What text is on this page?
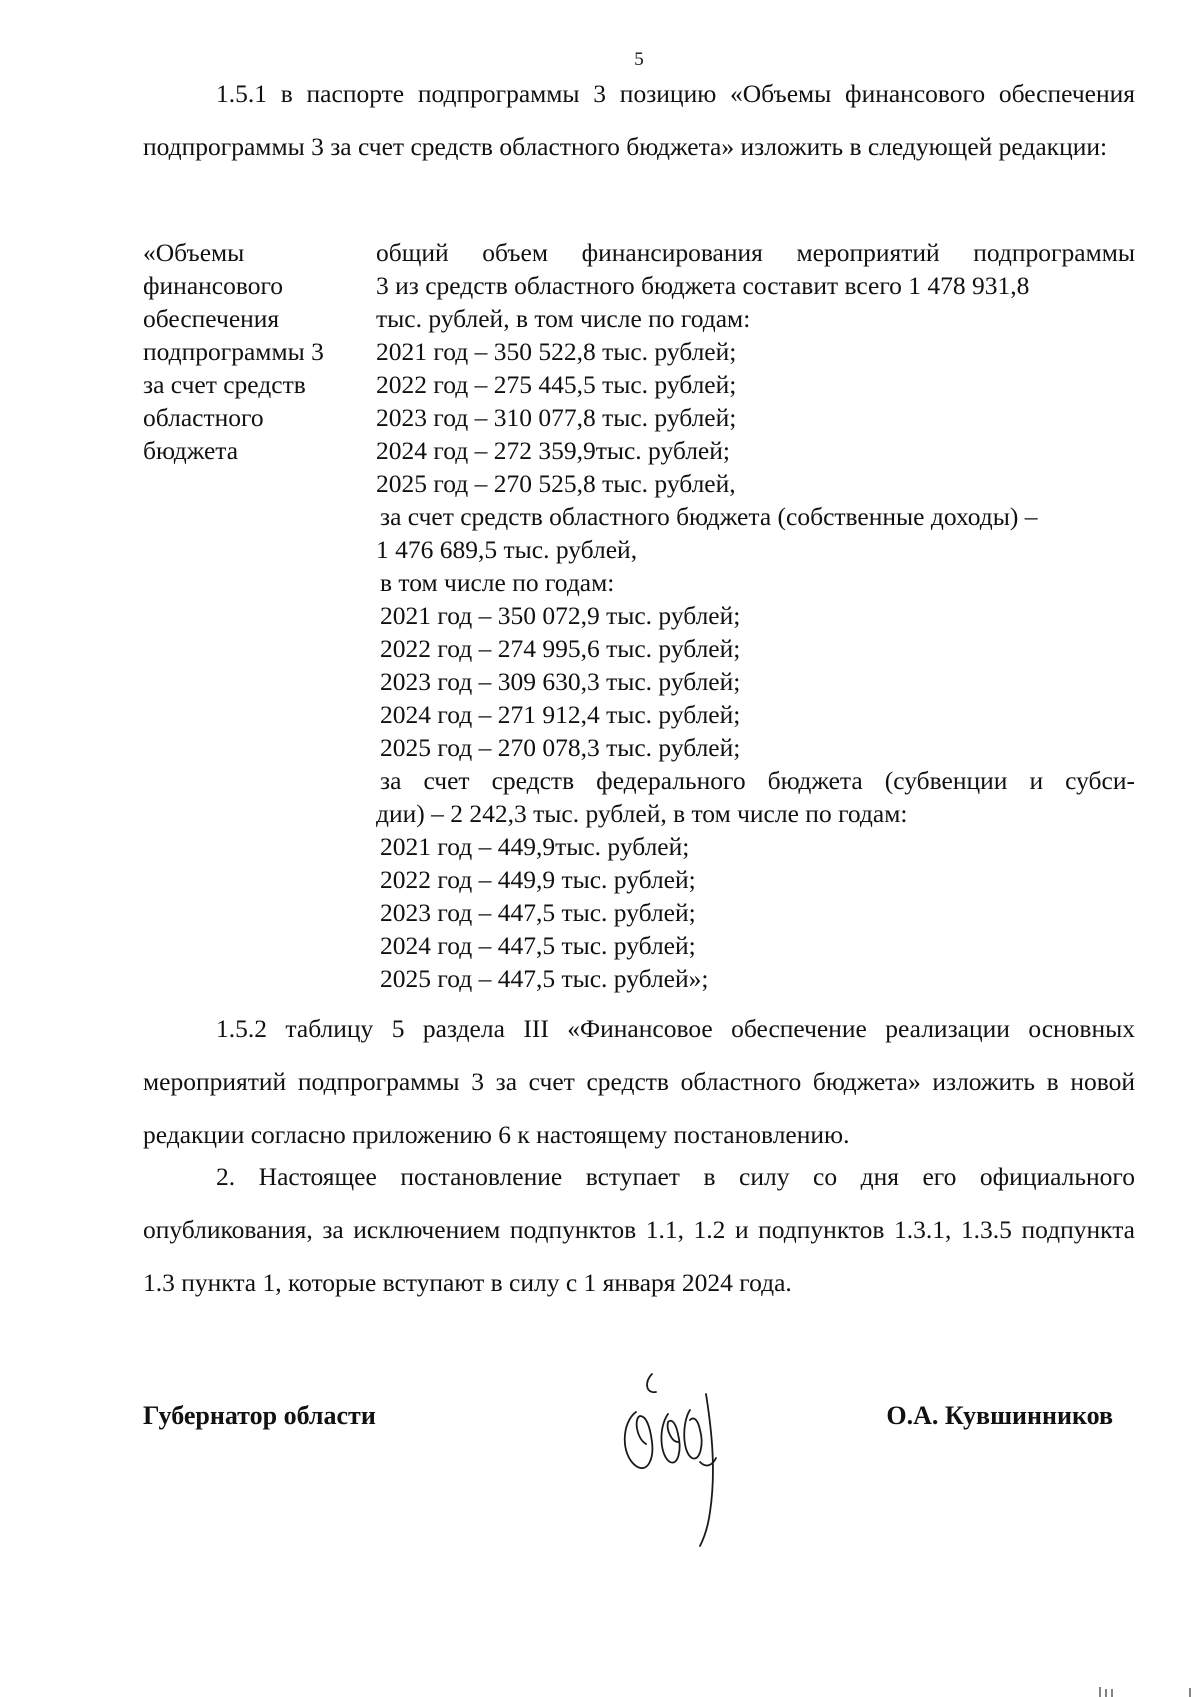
5

1.5.1 в паспорте подпрограммы 3 позицию «Объемы финансового обеспечения подпрограммы 3 за счет средств областного бюджета» изложить в следующей редакции:

«Объемы
финансового
обеспечения
подпрограммы 3
за счет средств
областного
бюджета
общий объем финансирования мероприятий подпрограммы
3 из средств областного бюджета составит всего 1 478 931,8
тыс. рублей, в том числе по годам:
2021 год – 350 522,8 тыс. рублей;
2022 год – 275 445,5 тыс. рублей;
2023 год – 310 077,8 тыс. рублей;
2024 год – 272 359,9тыс. рублей;
2025 год – 270 525,8 тыс. рублей,
за счет средств областного бюджета (собственные доходы) –
1 476 689,5 тыс. рублей,
в том числе по годам:
2021 год – 350 072,9 тыс. рублей;
2022 год – 274 995,6 тыс. рублей;
2023 год – 309 630,3 тыс. рублей;
2024 год – 271 912,4 тыс. рублей;
2025 год – 270 078,3 тыс. рублей;
за счет средств федерального бюджета (субвенции и субси-
дии) – 2 242,3 тыс. рублей, в том числе по годам:
2021 год – 449,9тыс. рублей;
2022 год – 449,9 тыс. рублей;
2023 год – 447,5 тыс. рублей;
2024 год – 447,5 тыс. рублей;
2025 год – 447,5 тыс. рублей»;

1.5.2 таблицу 5 раздела III «Финансовое обеспечение реализации основных мероприятий подпрограммы 3 за счет средств областного бюджета» изложить в новой редакции согласно приложению 6 к настоящему постановлению.

2. Настоящее постановление вступает в силу со дня его официального опубликования, за исключением подпунктов 1.1, 1.2 и подпунктов 1.3.1, 1.3.5 подпункта 1.3 пункта 1, которые вступают в силу с 1 января 2024 года.

Губернатор области	О.А. Кувшинников
